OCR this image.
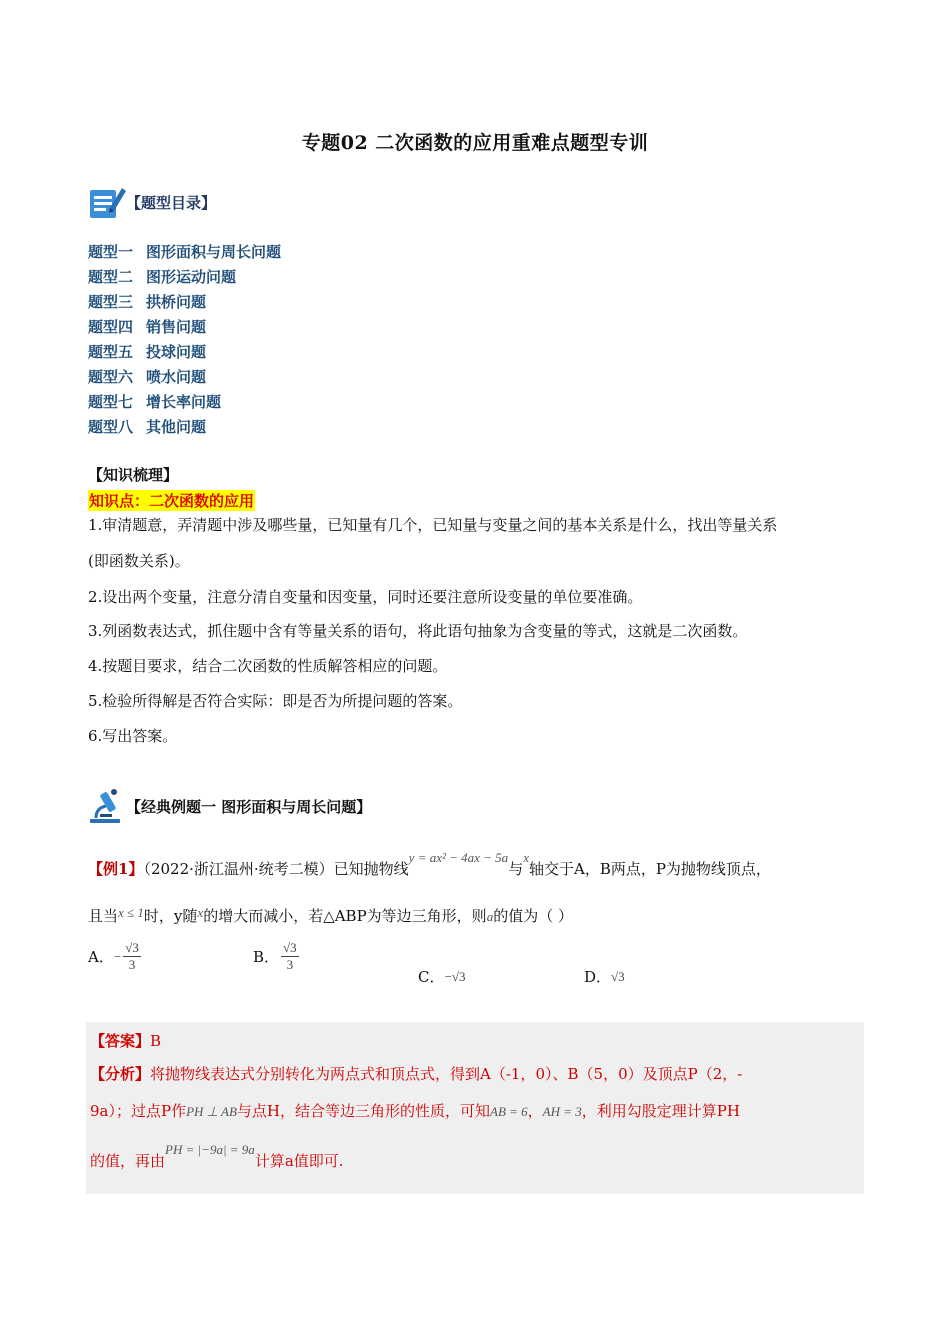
专题02 二次函数的应用重难点题型专训
【题型目录】
题型一 图形面积与周长问题
题型二 图形运动问题
题型三 拱桥问题
题型四 销售问题
题型五 投球问题
题型六 喷水问题
题型七 增长率问题
题型八 其他问题
【知识梳理】
知识点：二次函数的应用
1.审清题意，弄清题中涉及哪些量，已知量有几个，已知量与变量之间的基本关系是什么，找出等量关系
(即函数关系)。
2.设出两个变量，注意分清自变量和因变量，同时还要注意所设变量的单位要准确。
3.列函数表达式，抓住题中含有等量关系的语句，将此语句抽象为含变量的等式，这就是二次函数。
4.按题目要求，结合二次函数的性质解答相应的问题。
5.检验所得解是否符合实际：即是否为所提问题的答案。
6.写出答案。
【经典例题一 图形面积与周长问题】
【例1】（2022·浙江温州·统考二模）已知抛物线y = ax² − 4ax − 5a与x轴交于A，B两点，P为抛物线顶点，
且当x ≤ 1时，y随x的增大而减小，若△ABP为等边三角形，则a的值为（ ）
A． − $\frac{√3}{3}$	B． $\frac{√3}{3}$
C． −√3	D． √3
【答案】B
【分析】将抛物线表达式分别转化为两点式和顶点式，得到A（-1，0）、B（5，0）及顶点P（2，-
9a）；过点P作PH ⊥ AB与点H，结合等边三角形的性质，可知AB = 6，AH = 3，利用勾股定理计算PH
的值，再由PH = |−9a| = 9a计算a值即可.
